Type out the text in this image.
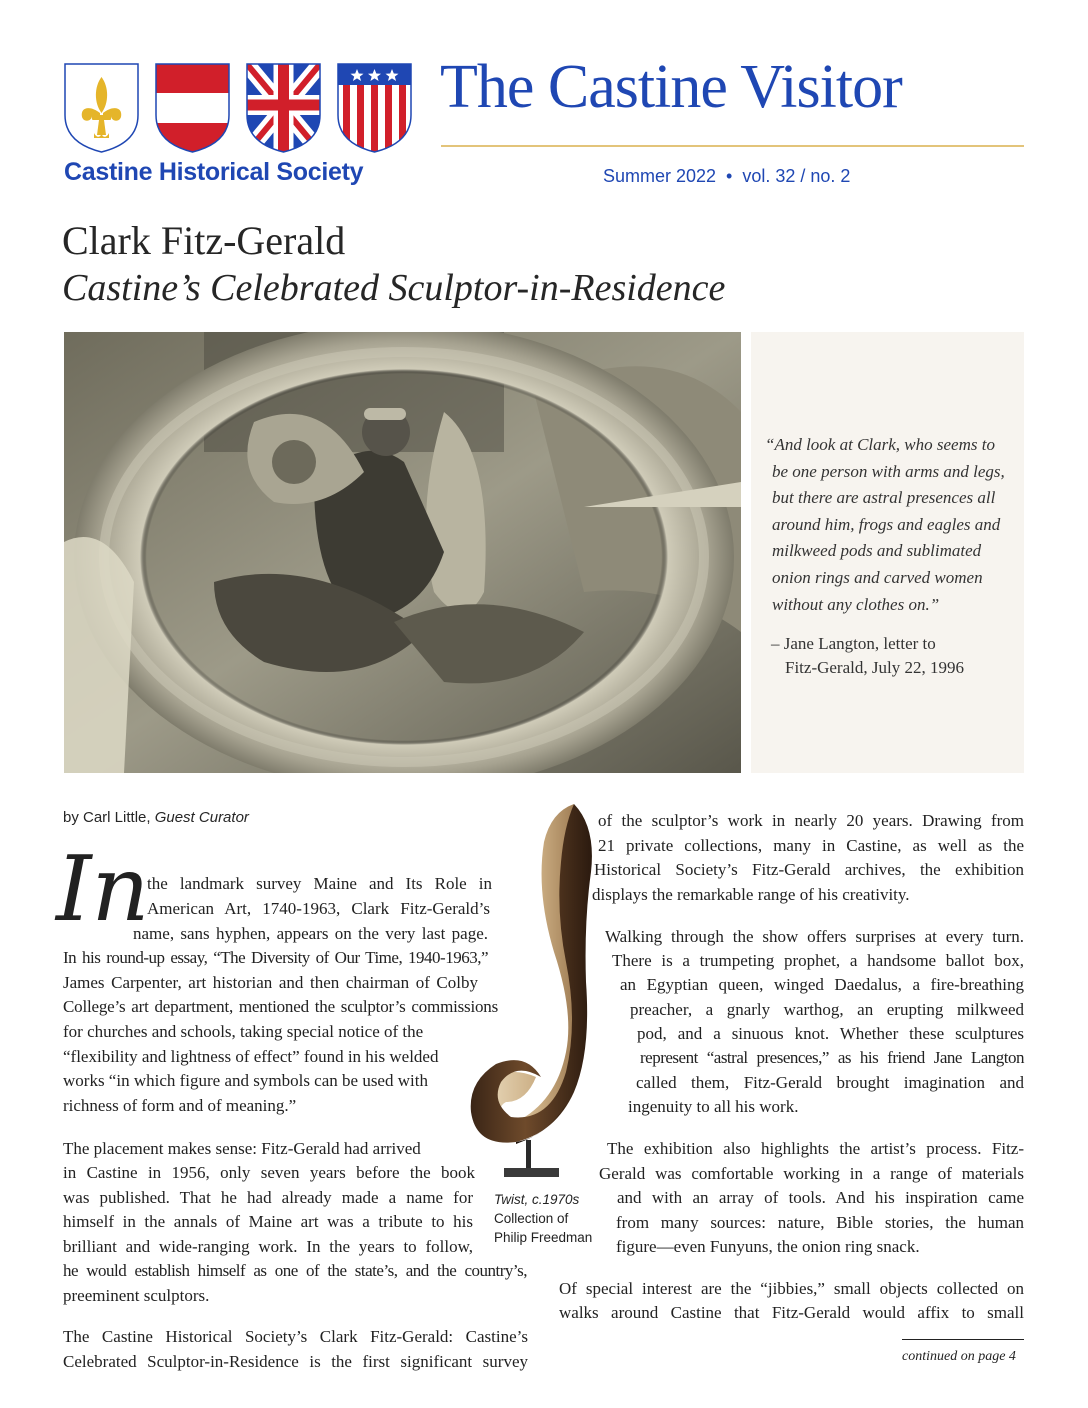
Castine Historical Society
The Castine Visitor
Summer 2022  •  vol. 32 / no. 2
Clark Fitz-Gerald
Castine’s Celebrated Sculptor-in-Residence
“And look at Clark, who seems to
be one person with arms and legs,
but there are astral presences all
around him, frogs and eagles and
milkweed pods and sublimated
onion rings and carved women
without any clothes on.”
– Jane Langton, letter to
Fitz-Gerald, July 22, 1996
by Carl Little, Guest Curator
In
the landmark survey Maine and Its Role in
American Art, 1740-1963, Clark Fitz-Gerald’s
name, sans hyphen, appears on the very last page.
In his round-up essay, “The Diversity of Our Time, 1940-1963,”
James Carpenter, art historian and then chairman of Colby
College’s art department, mentioned the sculptor’s commissions
for churches and schools, taking special notice of the
“flexibility and lightness of effect” found in his welded
works “in which figure and symbols can be used with
richness of form and of meaning.”
The placement makes sense: Fitz-Gerald had arrived
in Castine in 1956, only seven years before the book
was published. That he had already made a name for
himself in the annals of Maine art was a tribute to his
brilliant and wide-ranging work. In the years to follow,
he would establish himself as one of the state’s, and the country’s,
preeminent sculptors.
The Castine Historical Society’s Clark Fitz-Gerald: Castine’s
Celebrated Sculptor-in-Residence is the first significant survey
Twist, c.1970s
Collection of
Philip Freedman
of the sculptor’s work in nearly 20 years. Drawing from
21 private collections, many in Castine, as well as the
Historical Society’s Fitz-Gerald archives, the exhibition
displays the remarkable range of his creativity.
Walking through the show offers surprises at every turn.
There is a trumpeting prophet, a handsome ballot box,
an Egyptian queen, winged Daedalus, a fire-breathing
preacher, a gnarly warthog, an erupting milkweed
pod, and a sinuous knot. Whether these sculptures
represent “astral presences,” as his friend Jane Langton
called them, Fitz-Gerald brought imagination and
ingenuity to all his work.
The exhibition also highlights the artist’s process. Fitz-
Gerald was comfortable working in a range of materials
and with an array of tools. And his inspiration came
from many sources: nature, Bible stories, the human
figure—even Funyuns, the onion ring snack.
Of special interest are the “jibbies,” small objects collected on
walks around Castine that Fitz-Gerald would affix to small
continued on page 4
